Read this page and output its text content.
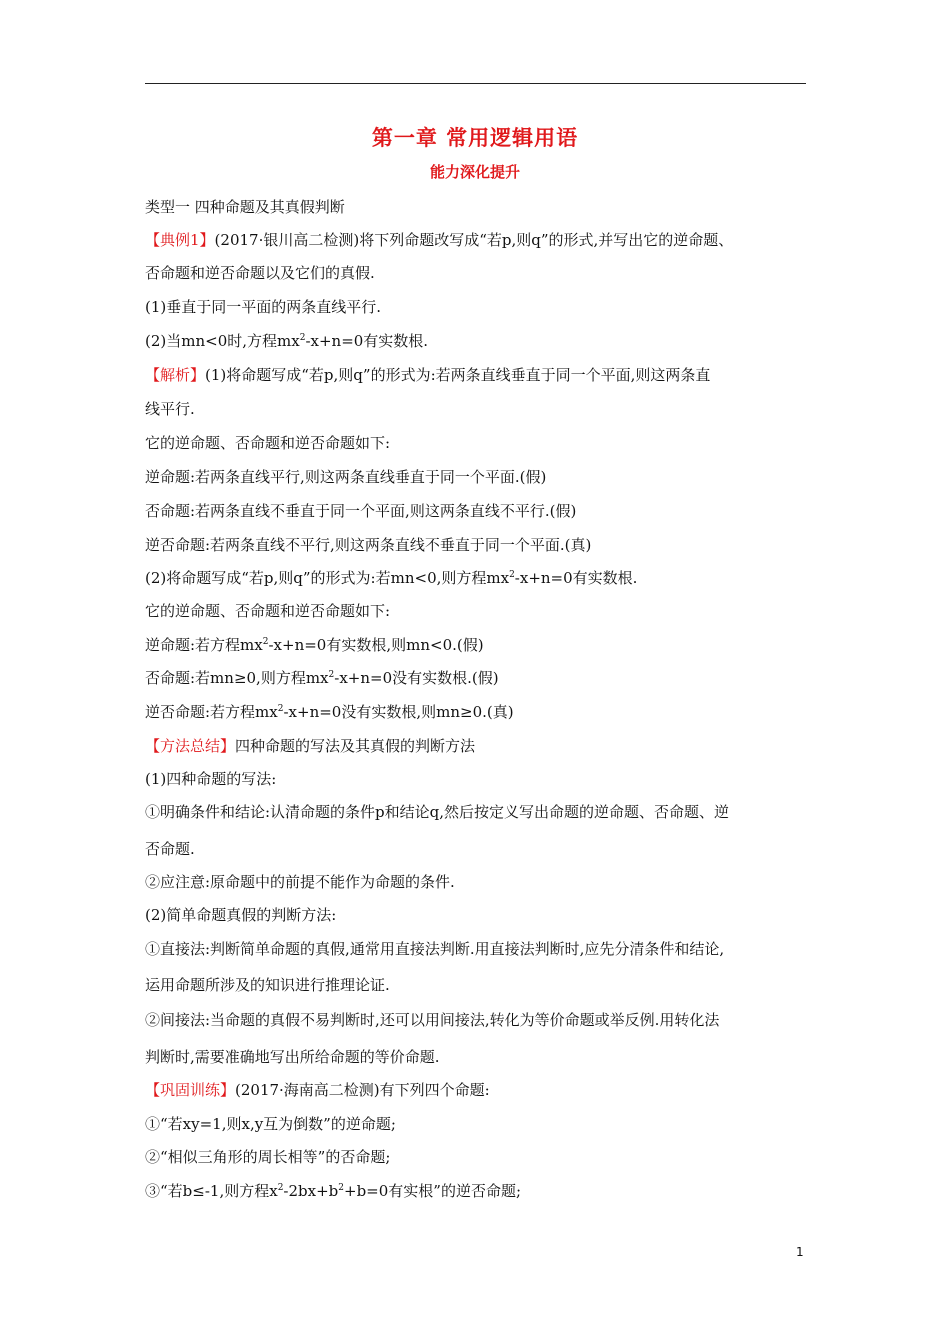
第一章 常用逻辑用语
能力深化提升
类型一 四种命题及其真假判断
【典例1】(2017·银川高二检测)将下列命题改写成“若p,则q”的形式,并写出它的逆命题、
否命题和逆否命题以及它们的真假.
(1)垂直于同一平面的两条直线平行.
(2)当mn<0时,方程$mx^2-x+n=0$有实数根.
【解析】(1)将命题写成“若p,则q”的形式为:若两条直线垂直于同一个平面,则这两条直
线平行.
它的逆命题、否命题和逆否命题如下:
逆命题:若两条直线平行,则这两条直线垂直于同一个平面.(假)
否命题:若两条直线不垂直于同一个平面,则这两条直线不平行.(假)
逆否命题:若两条直线不平行,则这两条直线不垂直于同一个平面.(真)
(2)将命题写成“若p,则q”的形式为:若mn<0,则方程$mx^2-x+n=0$有实数根.
它的逆命题、否命题和逆否命题如下:
逆命题:若方程$mx^2-x+n=0$有实数根,则mn<0.(假)
否命题:若mn≥0,则方程$mx^2-x+n=0$没有实数根.(假)
逆否命题:若方程$mx^2-x+n=0$没有实数根,则mn≥0.(真)
【方法总结】四种命题的写法及其真假的判断方法
(1)四种命题的写法:
①明确条件和结论:认清命题的条件p和结论q,然后按定义写出命题的逆命题、否命题、逆
否命题.
②应注意:原命题中的前提不能作为命题的条件.
(2)简单命题真假的判断方法:
①直接法:判断简单命题的真假,通常用直接法判断.用直接法判断时,应先分清条件和结论,
运用命题所涉及的知识进行推理论证.
②间接法:当命题的真假不易判断时,还可以用间接法,转化为等价命题或举反例.用转化法
判断时,需要准确地写出所给命题的等价命题.
【巩固训练】(2017·海南高二检测)有下列四个命题:
①“若xy=1,则x,y互为倒数”的逆命题;
②“相似三角形的周长相等”的否命题;
③“若b≤-1,则方程$x^2-2bx+b^2+b=0$有实根”的逆否命题;
1
